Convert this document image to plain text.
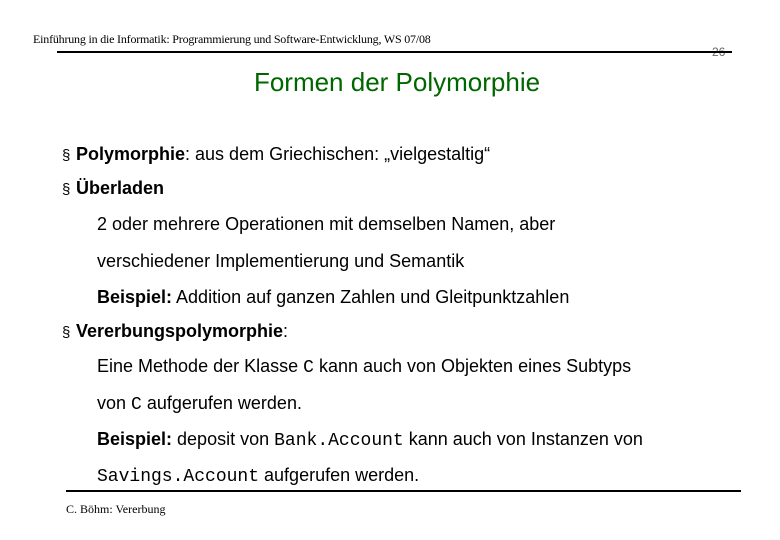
Einführung in die Informatik: Programmierung und Software-Entwicklung, WS 07/08
Formen der Polymorphie
§ Polymorphie: aus dem Griechischen: „vielgestaltig“
§ Überladen
2 oder mehrere Operationen mit demselben Namen, aber
verschiedener Implementierung und Semantik
Beispiel: Addition auf ganzen Zahlen und Gleitpunktzahlen
§ Vererbungspolymorphie:
Eine Methode der Klasse C kann auch von Objekten eines Subtyps
von C aufgerufen werden.
Beispiel: deposit von Bank.Account kann auch von Instanzen von
Savings.Account aufgerufen werden.
C. Böhm: Vererbung
